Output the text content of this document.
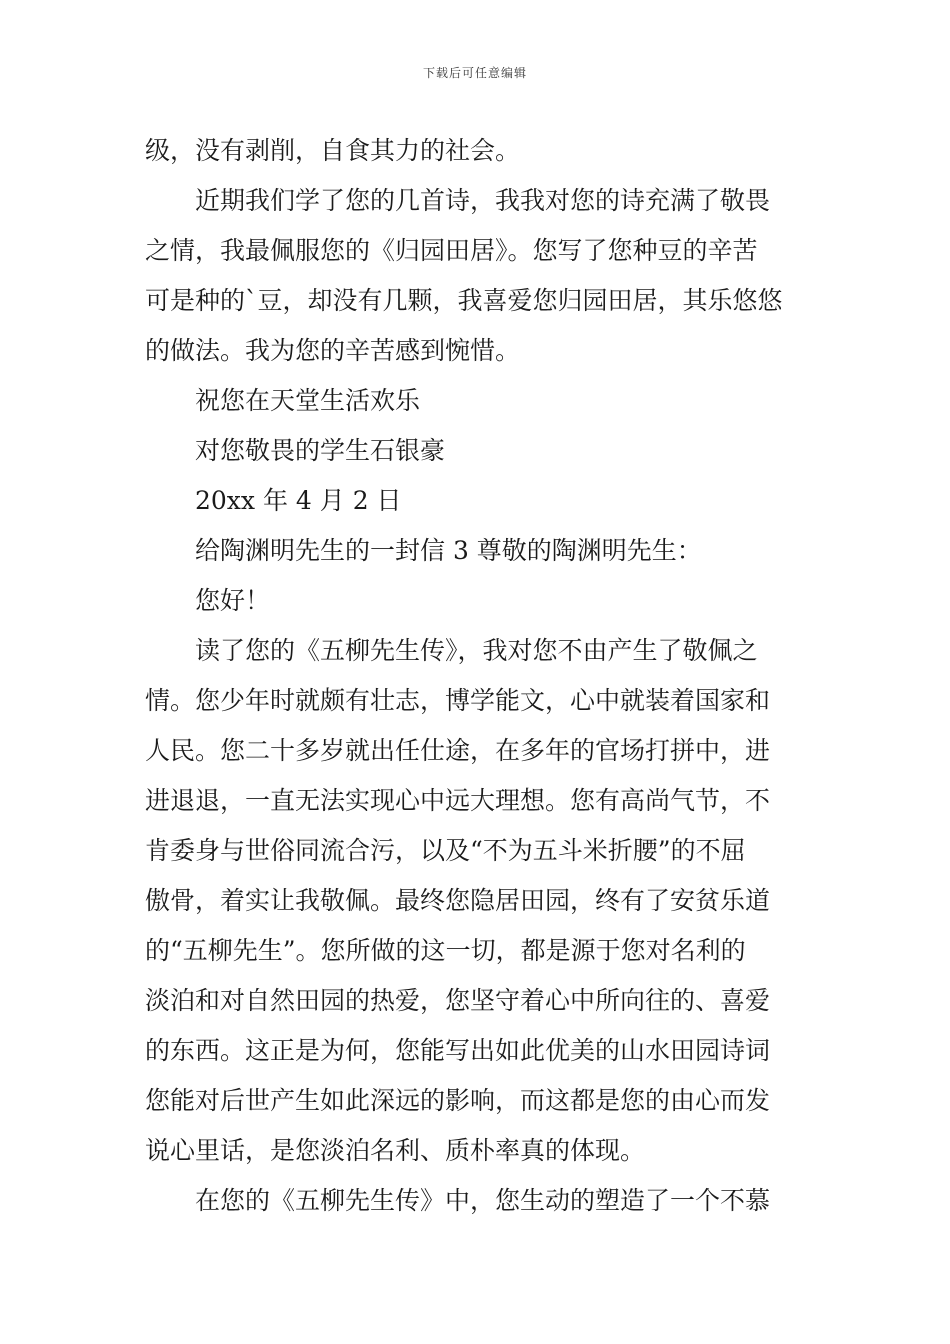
下载后可任意编辑
级，没有剥削，自食其力的社会。
近期我们学了您的几首诗，我我对您的诗充满了敬畏
之情，我最佩服您的《归园田居》。您写了您种豆的辛苦
可是种的`豆，却没有几颗，我喜爱您归园田居，其乐悠悠
的做法。我为您的辛苦感到惋惜。
祝您在天堂生活欢乐
对您敬畏的学生石银豪
20xx 年 4 月 2 日
给陶渊明先生的一封信 3 尊敬的陶渊明先生：
您好！
读了您的《五柳先生传》，我对您不由产生了敬佩之
情。您少年时就颇有壮志，博学能文，心中就装着国家和
人民。您二十多岁就出任仕途，在多年的官场打拼中，进
进退退，一直无法实现心中远大理想。您有高尚气节，不
肯委身与世俗同流合污，以及“不为五斗米折腰”的不屈
傲骨，着实让我敬佩。最终您隐居田园，终有了安贫乐道
的“五柳先生”。您所做的这一切，都是源于您对名利的
淡泊和对自然田园的热爱，您坚守着心中所向往的、喜爱
的东西。这正是为何，您能写出如此优美的山水田园诗词
您能对后世产生如此深远的影响，而这都是您的由心而发
说心里话，是您淡泊名利、质朴率真的体现。
在您的《五柳先生传》中，您生动的塑造了一个不慕
